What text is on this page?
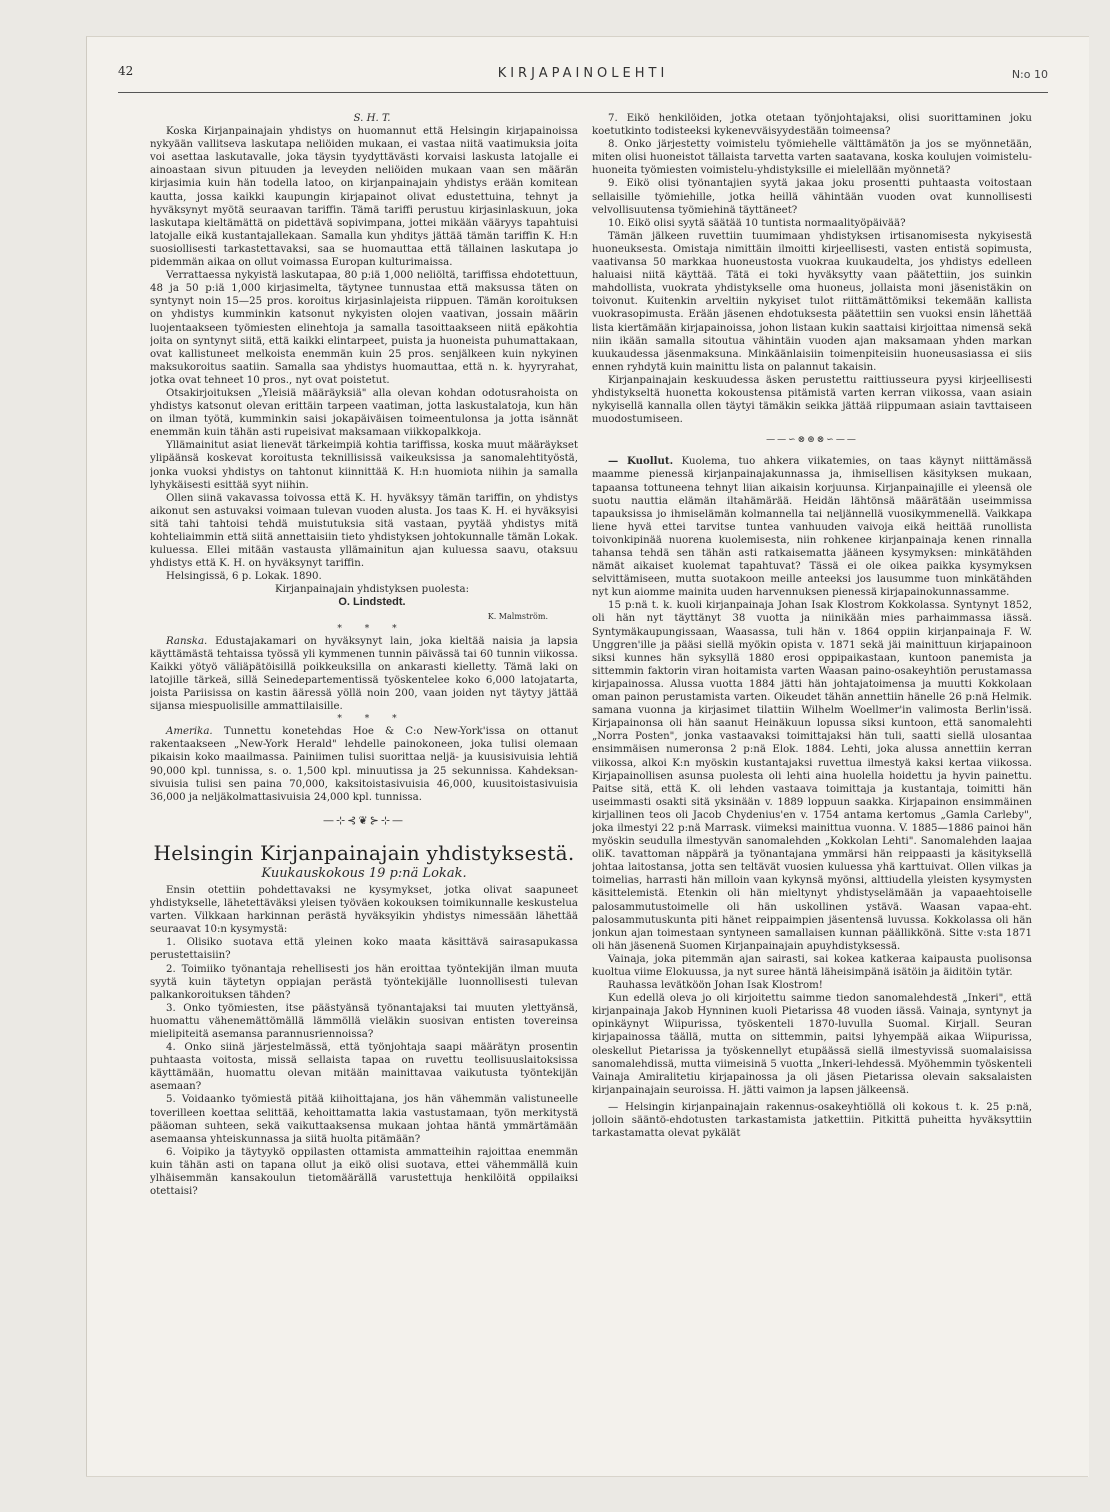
42	KIRJAPAINOLEHTI	N:o 10

S. H. T.

Koska Kirjanpainajain yhdistys on huomannut että Helsingin kirjapainoissa nykyään vallitseva laskutapa neliöiden mukaan, ei vastaa niitä vaatimuksia joita voi asettaa laskutavalle, joka täysin tyydyttävästi korvaisi laskusta latojalle ei ainoastaan sivun pituuden ja leveyden neliöiden mukaan vaan sen määrän kirjasimia kuin hän todella latoo, on kirjanpainajain yhdistys erään komitean kautta, jossa kaikki kaupungin kirjapainot olivat edustettuina, tehnyt ja hyväksynyt myötä seuraavan tariffin. Tämä tariffi perustuu kirjasinlaskuun, joka laskutapa kieltämättä on pidettävä sopivimpana, jottei mikään vääryys tapahtuisi latojalle eikä kustantajallekaan. Samalla kun yhditys jättää tämän tariffin K. H:n suosiollisesti tarkastettavaksi, saa se huomauttaa että tällainen laskutapa jo pidemmän aikaa on ollut voimassa Europan kulturimaissa.

Verrattaessa nykyistä laskutapaa, 80 p:iä 1,000 neliöltä, tariffissa ehdotettuun, 48 ja 50 p:iä 1,000 kirjasimelta, täytynee tunnustaa että maksussa täten on syntynyt noin 15—25 pros. koroitus kirjasinlajeista riippuen. Tämän koroituksen on yhdistys kumminkin katsonut nykyisten olojen vaativan, jossain määrin luojentaakseen työmiesten elinehtoja ja samalla tasoittaakseen niitä epäkohtia joita on syntynyt siitä, että kaikki elintarpeet, puista ja huoneista puhumattakaan, ovat kallistuneet melkoista enemmän kuin 25 pros. senjälkeen kuin nykyinen maksukoroitus saatiin. Samalla saa yhdistys huomauttaa, että n. k. hyyryrahat, jotka ovat tehneet 10 pros., nyt ovat poistetut.

Otsakirjoituksen „Yleisiä määräyksiä" alla olevan kohdan odotusrahoista on yhdistys katsonut olevan erittäin tarpeen vaatiman, jotta laskustalatoja, kun hän on ilman työtä, kumminkin saisi jokapäiväisen toimeentulonsa ja jotta isännät enemmän kuin tähän asti rupeisivat maksamaan viikkopalkkoja.

Yllämainitut asiat lienevät tärkeimpiä kohtia tariffissa, koska muut määräykset ylipäänsä koskevat koroitusta teknillisissä vaikeuksissa ja sanomalehtityöstä, jonka vuoksi yhdistys on tahtonut kiinnittää K. H:n huomiota niihin ja samalla lyhykäisesti esittää syyt niihin.

Ollen siinä vakavassa toivossa että K. H. hyväksyy tämän tariffin, on yhdistys aikonut sen astuvaksi voimaan tulevan vuoden alusta. Jos taas K. H. ei hyväksyisi sitä tahi tahtoisi tehdä muistutuksia sitä vastaan, pyytää yhdistys mitä kohteliaimmin että siitä annettaisiin tieto yhdistyksen johtokunnalle tämän Lokak. kuluessa. Ellei mitään vastausta yllämainitun ajan kuluessa saavu, otaksuu yhdistys että K. H. on hyväksynyt tariffin.

Helsingissä, 6 p. Lokak. 1890.

Kirjanpainajain yhdistyksen puolesta:

O. Lindstedt.

K. Malmström.

* * *

Ranska. Edustajakamari on hyväksynyt lain, joka kieltää naisia ja lapsia käyttämästä tehtaissa työssä yli kymmenen tunnin päivässä tai 60 tunnin viikossa. Kaikki yötyö väliäpätöisillä poikkeuksilla on ankarasti kielletty. Tämä laki on latojille tärkeä, sillä Seinedepartementissä työskentelee koko 6,000 latojatarta, joista Pariisissa on kastin ääressä yöllä noin 200, vaan joiden nyt täytyy jättää sijansa miespuolisille ammattilaisille.

* * *

Amerika. Tunnettu konetehdas Hoe & C:o New-York'issa on ottanut rakentaakseen „New-York Herald" lehdelle painokoneen, joka tulisi olemaan pikaisin koko maailmassa. Painiimen tulisi suorittaa neljä- ja kuusisivuisia lehtiä 90,000 kpl. tunnissa, s. o. 1,500 kpl. minuutissa ja 25 sekunnissa. Kahdeksan-sivuisia tulisi sen paina 70,000, kaksitoistasivuisia 46,000, kuusitoistasivuisia 36,000 ja neljäkolmattasivuisia 24,000 kpl. tunnissa.

—⊹⊰❦⊱⊹—
Helsingin Kirjanpainajain yhdistyksestä.
Kuukauskokous 19 p:nä Lokak.

Ensin otettiin pohdettavaksi ne kysymykset, jotka olivat saapuneet yhdistykselle, lähetettäväksi yleisen työväen kokouksen toimikunnalle keskustelua varten. Vilkkaan harkinnan perästä hyväksyikin yhdistys nimessään lähettää seuraavat 10:n kysymystä:

1. Olisiko suotava että yleinen koko maata käsittävä sairasapukassa perustettaisiin?

2. Toimiiko työnantaja rehellisesti jos hän eroittaa työntekijän ilman muuta syytä kuin täytetyn oppiajan perästä työntekijälle luonnollisesti tulevan palkankoroituksen tähden?

3. Onko työmiesten, itse päästyänsä työnantajaksi tai muuten ylettyänsä, huomattu vähenemättömällä lämmöllä vieläkin suosivan entisten tovereinsa mielipiteitä asemansa parannusriennoissa?

4. Onko siinä järjestelmässä, että työnjohtaja saapi määrätyn prosentin puhtaasta voitosta, missä sellaista tapaa on ruvettu teollisuuslaitoksissa käyttämään, huomattu olevan mitään mainittavaa vaikutusta työntekijän asemaan?

5. Voidaanko työmiestä pitää kiihoittajana, jos hän vähemmän valistuneelle toverilleen koettaa selittää, kehoittamatta lakia vastustamaan, työn merkitystä pääoman suhteen, sekä vaikuttaaksensa mukaan johtaa häntä ymmärtämään asemaansa yhteiskunnassa ja siitä huolta pitämään?

6. Voipiko ja täytyykö oppilasten ottamista ammatteihin rajoittaa enemmän kuin tähän asti on tapana ollut ja eikö olisi suotava, ettei vähemmällä kuin ylhäisemmän kansakoulun tietomäärällä varustettuja henkilöitä oppilaiksi otettaisi?

7. Eikö henkilöiden, jotka otetaan työnjohtajaksi, olisi suorittaminen joku koetutkinto todisteeksi kykenevväisyydestään toimeensa?

8. Onko järjestetty voimistelu työmiehelle välttämätön ja jos se myönnetään, miten olisi huoneistot tällaista tarvetta varten saatavana, koska koulujen voimistelu-huoneita työmiesten voimistelu-yhdistyksille ei mielellään myönnetä?

9. Eikö olisi työnantajien syytä jakaa joku prosentti puhtaasta voitostaan sellaisille työmiehille, jotka heillä vähintään vuoden ovat kunnollisesti velvollisuutensa työmiehinä täyttäneet?

10. Eikö olisi syytä säätää 10 tuntista normaalityöpäivää?

Tämän jälkeen ruvettiin tuumimaan yhdistyksen irtisanomisesta nykyisestä huoneuksesta. Omistaja nimittäin ilmoitti kirjeellisesti, vasten entistä sopimusta, vaativansa 50 markkaa huoneustosta vuokraa kuukaudelta, jos yhdistys edelleen haluaisi niitä käyttää. Tätä ei toki hyväksytty vaan päätettiin, jos suinkin mahdollista, vuokrata yhdistykselle oma huoneus, jollaista moni jäsenistäkin on toivonut. Kuitenkin arveltiin nykyiset tulot riittämättömiksi tekemään kallista vuokrasopimusta. Erään jäsenen ehdotuksesta päätettiin sen vuoksi ensin lähettää lista kiertämään kirjapainoissa, johon listaan kukin saattaisi kirjoittaa nimensä sekä niin ikään samalla sitoutua vähintäin vuoden ajan maksamaan yhden markan kuukaudessa jäsenmaksuna. Minkäänlaisiin toimenpiteisiin huoneusasiassa ei siis ennen ryhdytä kuin mainittu lista on palannut takaisin.

Kirjanpainajain keskuudessa äsken perustettu raittiusseura pyysi kirjeellisesti yhdistykseltä huonetta kokoustensa pitämistä varten kerran viikossa, vaan asiain nykyisellä kannalla ollen täytyi tämäkin seikka jättää riippumaan asiain tavttaiseen muodostumiseen.

——∽⊗⊛⊗∽——

— Kuollut. Kuolema, tuo ahkera viikatemies, on taas käynyt niittämässä maamme pienessä kirjanpainajakunnassa ja, ihmisellisen käsityksen mukaan, tapaansa tottuneena tehnyt liian aikaisin korjuunsa. Kirjanpainajille ei yleensä ole suotu nauttia elämän iltahämärää. Heidän lähtönsä määrätään useimmissa tapauksissa jo ihmiselämän kolmannella tai neljännellä vuosikymmenellä. Vaikkapa liene hyvä ettei tarvitse tuntea vanhuuden vaivoja eikä heittää runollista toivonkipinää nuorena kuolemisesta, niin rohkenee kirjanpainaja kenen rinnalla tahansa tehdä sen tähän asti ratkaisematta jääneen kysymyksen: minkätähden nämät aikaiset kuolemat tapahtuvat? Tässä ei ole oikea paikka kysymyksen selvittämiseen, mutta suotakoon meille anteeksi jos lausumme tuon minkätähden nyt kun aiomme mainita uuden harvennuksen pienessä kirjapainokunnassamme.

15 p:nä t. k. kuoli kirjanpainaja Johan Isak Klostrom Kokkolassa. Syntynyt 1852, oli hän nyt täyttänyt 38 vuotta ja niinikään mies parhaimmassa iässä. Syntymäkaupungissaan, Waasassa, tuli hän v. 1864 oppiin kirjanpainaja F. W. Unggren'ille ja pääsi siellä myökin opista v. 1871 sekä jäi mainittuun kirjapainoon siksi kunnes hän syksyllä 1880 erosi oppipaikastaan, kuntoon panemista ja sittemmin faktorin viran hoitamista varten Waasan paino-osakeyhtiön perustamassa kirjapainossa. Alussa vuotta 1884 jätti hän johtajatoimensa ja muutti Kokkolaan oman painon perustamista varten. Oikeudet tähän annettiin hänelle 26 p:nä Helmik. samana vuonna ja kirjasimet tilattiin Wilhelm Woellmer'in valimosta Berlin'issä. Kirjapainonsa oli hän saanut Heinäkuun lopussa siksi kuntoon, että sanomalehti „Norra Posten", jonka vastaavaksi toimittajaksi hän tuli, saatti siellä ulosantaa ensimmäisen numeronsa 2 p:nä Elok. 1884. Lehti, joka alussa annettiin kerran viikossa, alkoi K:n myöskin kustantajaksi ruvettua ilmestyä kaksi kertaa viikossa. Kirjapainollisen asunsa puolesta oli lehti aina huolella hoidettu ja hyvin painettu. Paitse sitä, että K. oli lehden vastaava toimittaja ja kustantaja, toimitti hän useimmasti osakti sitä yksinään v. 1889 loppuun saakka. Kirjapainon ensimmäinen kirjallinen teos oli Jacob Chydenius'en v. 1754 antama kertomus „Gamla Carleby", joka ilmestyi 22 p:nä Marrask. viimeksi mainittua vuonna. V. 1885—1886 painoi hän myöskin seudulla ilmestyvän sanomalehden „Kokkolan Lehti". Sanomalehden laajaa oliK. tavattoman näppärä ja työnantajana ymmärsi hän reippaasti ja käsityksellä johtaa laitostansa, jotta sen teltävät vuosien kuluessa yhä karttuivat. Ollen vilkas ja toimelias, harrasti hän milloin vaan kykynsä myönsi, alttiudella yleisten kysymysten käsittelemistä. Etenkin oli hän mieltynyt yhdistyselämään ja vapaaehtoiselle palosammutustoimelle oli hän uskollinen ystävä. Waasan vapaa-eht. palosammutuskunta piti hänet reippaimpien jäsentensä luvussa. Kokkolassa oli hän jonkun ajan toimestaan syntyneen samallaisen kunnan päällikkönä. Sitte v:sta 1871 oli hän jäsenenä Suomen Kirjanpainajain apuyhdistyksessä.

Vainaja, joka pitemmän ajan sairasti, sai kokea katkeraa kaipausta puolisonsa kuoltua viime Elokuussa, ja nyt suree häntä läheisimpänä isätöin ja äiditöin tytär.

Rauhassa levätköön Johan Isak Klostrom!

Kun edellä oleva jo oli kirjoitettu saimme tiedon sanomalehdestä „Inkeri", että kirjanpainaja Jakob Hynninen kuoli Pietarissa 48 vuoden iässä. Vainaja, syntynyt ja opinkäynyt Wiipurissa, työskenteli 1870-luvulla Suomal. Kirjall. Seuran kirjapainossa täällä, mutta on sittemmin, paitsi lyhyempää aikaa Wiipurissa, oleskellut Pietarissa ja työskennellyt etupäässä siellä ilmestyvissä suomalaisissa sanomalehdissä, mutta viimeisinä 5 vuotta „Inkeri-lehdessä. Myöhemmin työskenteli Vainaja Amiralitetiu kirjapainossa ja oli jäsen Pietarissa olevain saksalaisten kirjanpainajain seuroissa. H. jätti vaimon ja lapsen jälkeensä.

— Helsingin kirjanpainajain rakennus-osakeyhtiöllä oli kokous t. k. 25 p:nä, jolloin sääntö-ehdotusten tarkastamista jatkettiin. Pitkittä puheitta hyväksyttiin tarkastamatta olevat pykälät
